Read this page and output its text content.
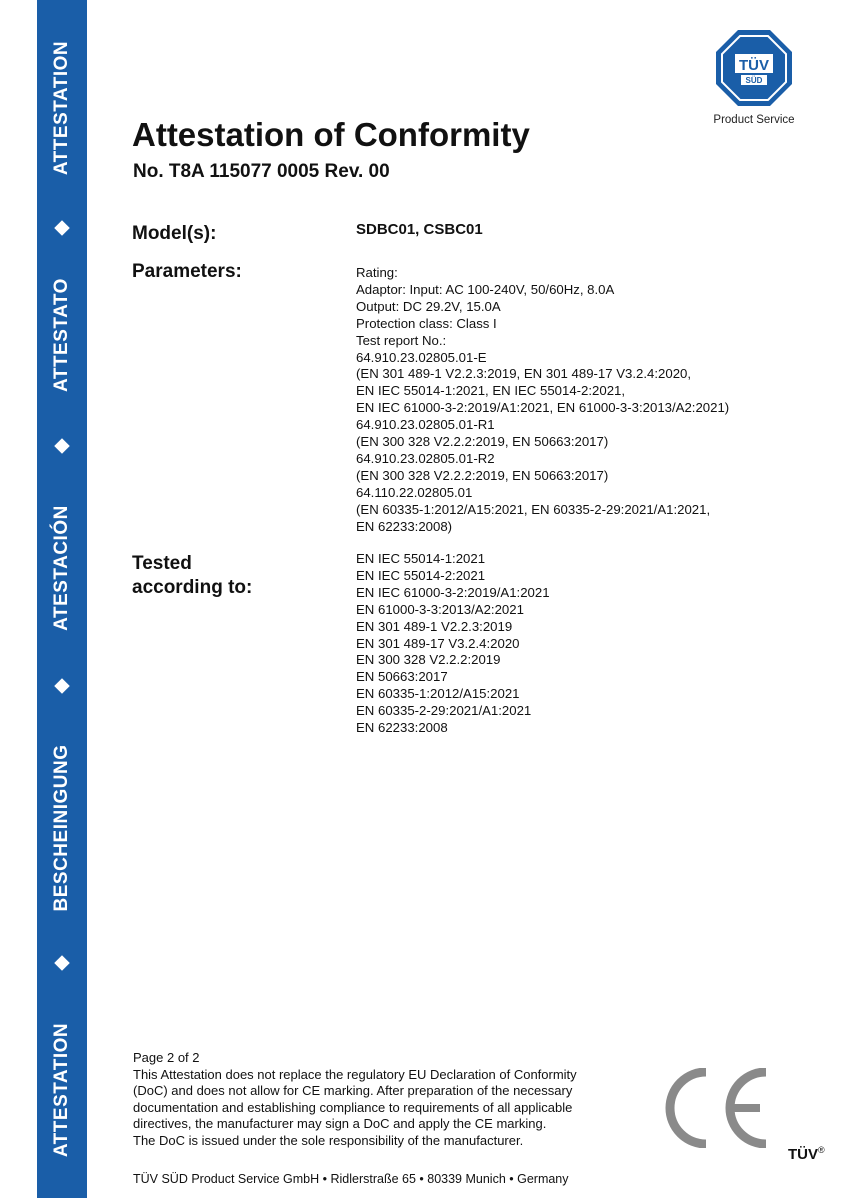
ATTESTATION
ATTESTATO
ATESTACIÓN
BESCHEINIGUNG
ATTESTATION
TÜV
SÜD
Product Service
Attestation of Conformity
No. T8A 115077 0005 Rev. 00
Model(s):	SDBC01, CSBC01
Parameters:	Rating:
Adaptor: Input: AC 100-240V, 50/60Hz, 8.0A
Output: DC 29.2V, 15.0A
Protection class: Class I
Test report No.:
64.910.23.02805.01-E
(EN 301 489-1 V2.2.3:2019, EN 301 489-17 V3.2.4:2020,
EN IEC 55014-1:2021, EN IEC 55014-2:2021,
EN IEC 61000-3-2:2019/A1:2021, EN 61000-3-3:2013/A2:2021)
64.910.23.02805.01-R1
(EN 300 328 V2.2.2:2019, EN 50663:2017)
64.910.23.02805.01-R2
(EN 300 328 V2.2.2:2019, EN 50663:2017)
64.110.22.02805.01
(EN 60335-1:2012/A15:2021, EN 60335-2-29:2021/A1:2021,
EN 62233:2008)
Tested
according to:
EN IEC 55014-1:2021
EN IEC 55014-2:2021
EN IEC 61000-3-2:2019/A1:2021
EN 61000-3-3:2013/A2:2021
EN 301 489-1 V2.2.3:2019
EN 301 489-17 V3.2.4:2020
EN 300 328 V2.2.2:2019
EN 50663:2017
EN 60335-1:2012/A15:2021
EN 60335-2-29:2021/A1:2021
EN 62233:2008
Page 2 of 2
This Attestation does not replace the regulatory EU Declaration of Conformity
(DoC) and does not allow for CE marking. After preparation of the necessary
documentation and establishing compliance to requirements of all applicable
directives, the manufacturer may sign a DoC and apply the CE marking.
The DoC is issued under the sole responsibility of the manufacturer.
TÜV®
TÜV SÜD Product Service GmbH • Ridlerstraße 65 • 80339 Munich • Germany
